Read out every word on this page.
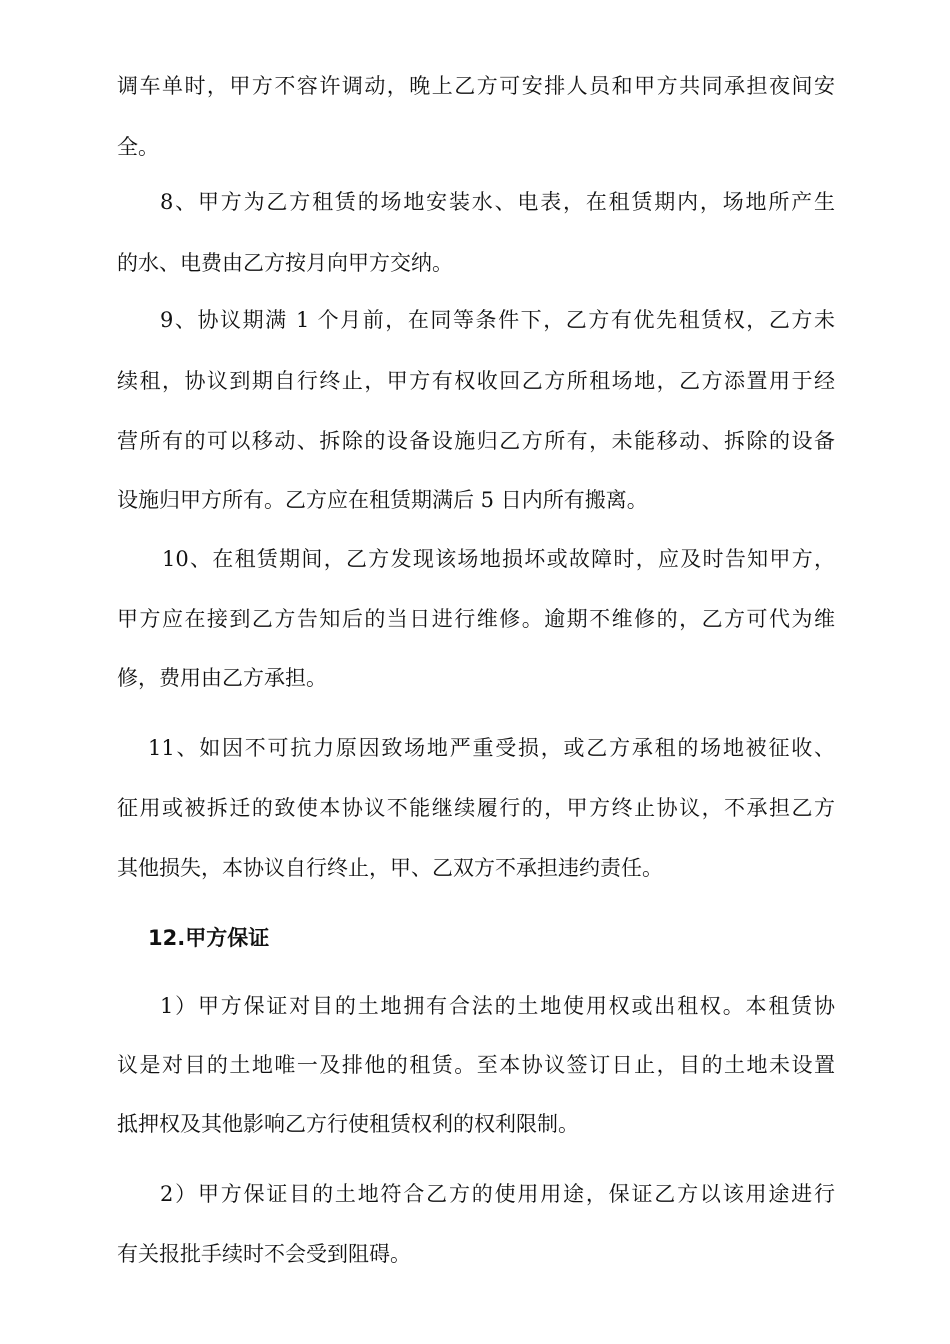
调车单时，甲方不容许调动，晚上乙方可安排人员和甲方共同承担夜间安
全。
8、甲方为乙方租赁的场地安装水、电表，在租赁期内，场地所产生
的水、电费由乙方按月向甲方交纳。
9、协议期满 1 个月前，在同等条件下，乙方有优先租赁权，乙方未
续租，协议到期自行终止，甲方有权收回乙方所租场地，乙方添置用于经
营所有的可以移动、拆除的设备设施归乙方所有，未能移动、拆除的设备
设施归甲方所有。乙方应在租赁期满后 5 日内所有搬离。
10、在租赁期间，乙方发现该场地损坏或故障时，应及时告知甲方，
甲方应在接到乙方告知后的当日进行维修。逾期不维修的，乙方可代为维
修，费用由乙方承担。
11、如因不可抗力原因致场地严重受损，或乙方承租的场地被征收、
征用或被拆迁的致使本协议不能继续履行的，甲方终止协议，不承担乙方
其他损失，本协议自行终止，甲、乙双方不承担违约责任。
12.甲方保证
1）甲方保证对目的土地拥有合法的土地使用权或出租权。本租赁协
议是对目的土地唯一及排他的租赁。至本协议签订日止，目的土地未设置
抵押权及其他影响乙方行使租赁权利的权利限制。
2）甲方保证目的土地符合乙方的使用用途，保证乙方以该用途进行
有关报批手续时不会受到阻碍。
